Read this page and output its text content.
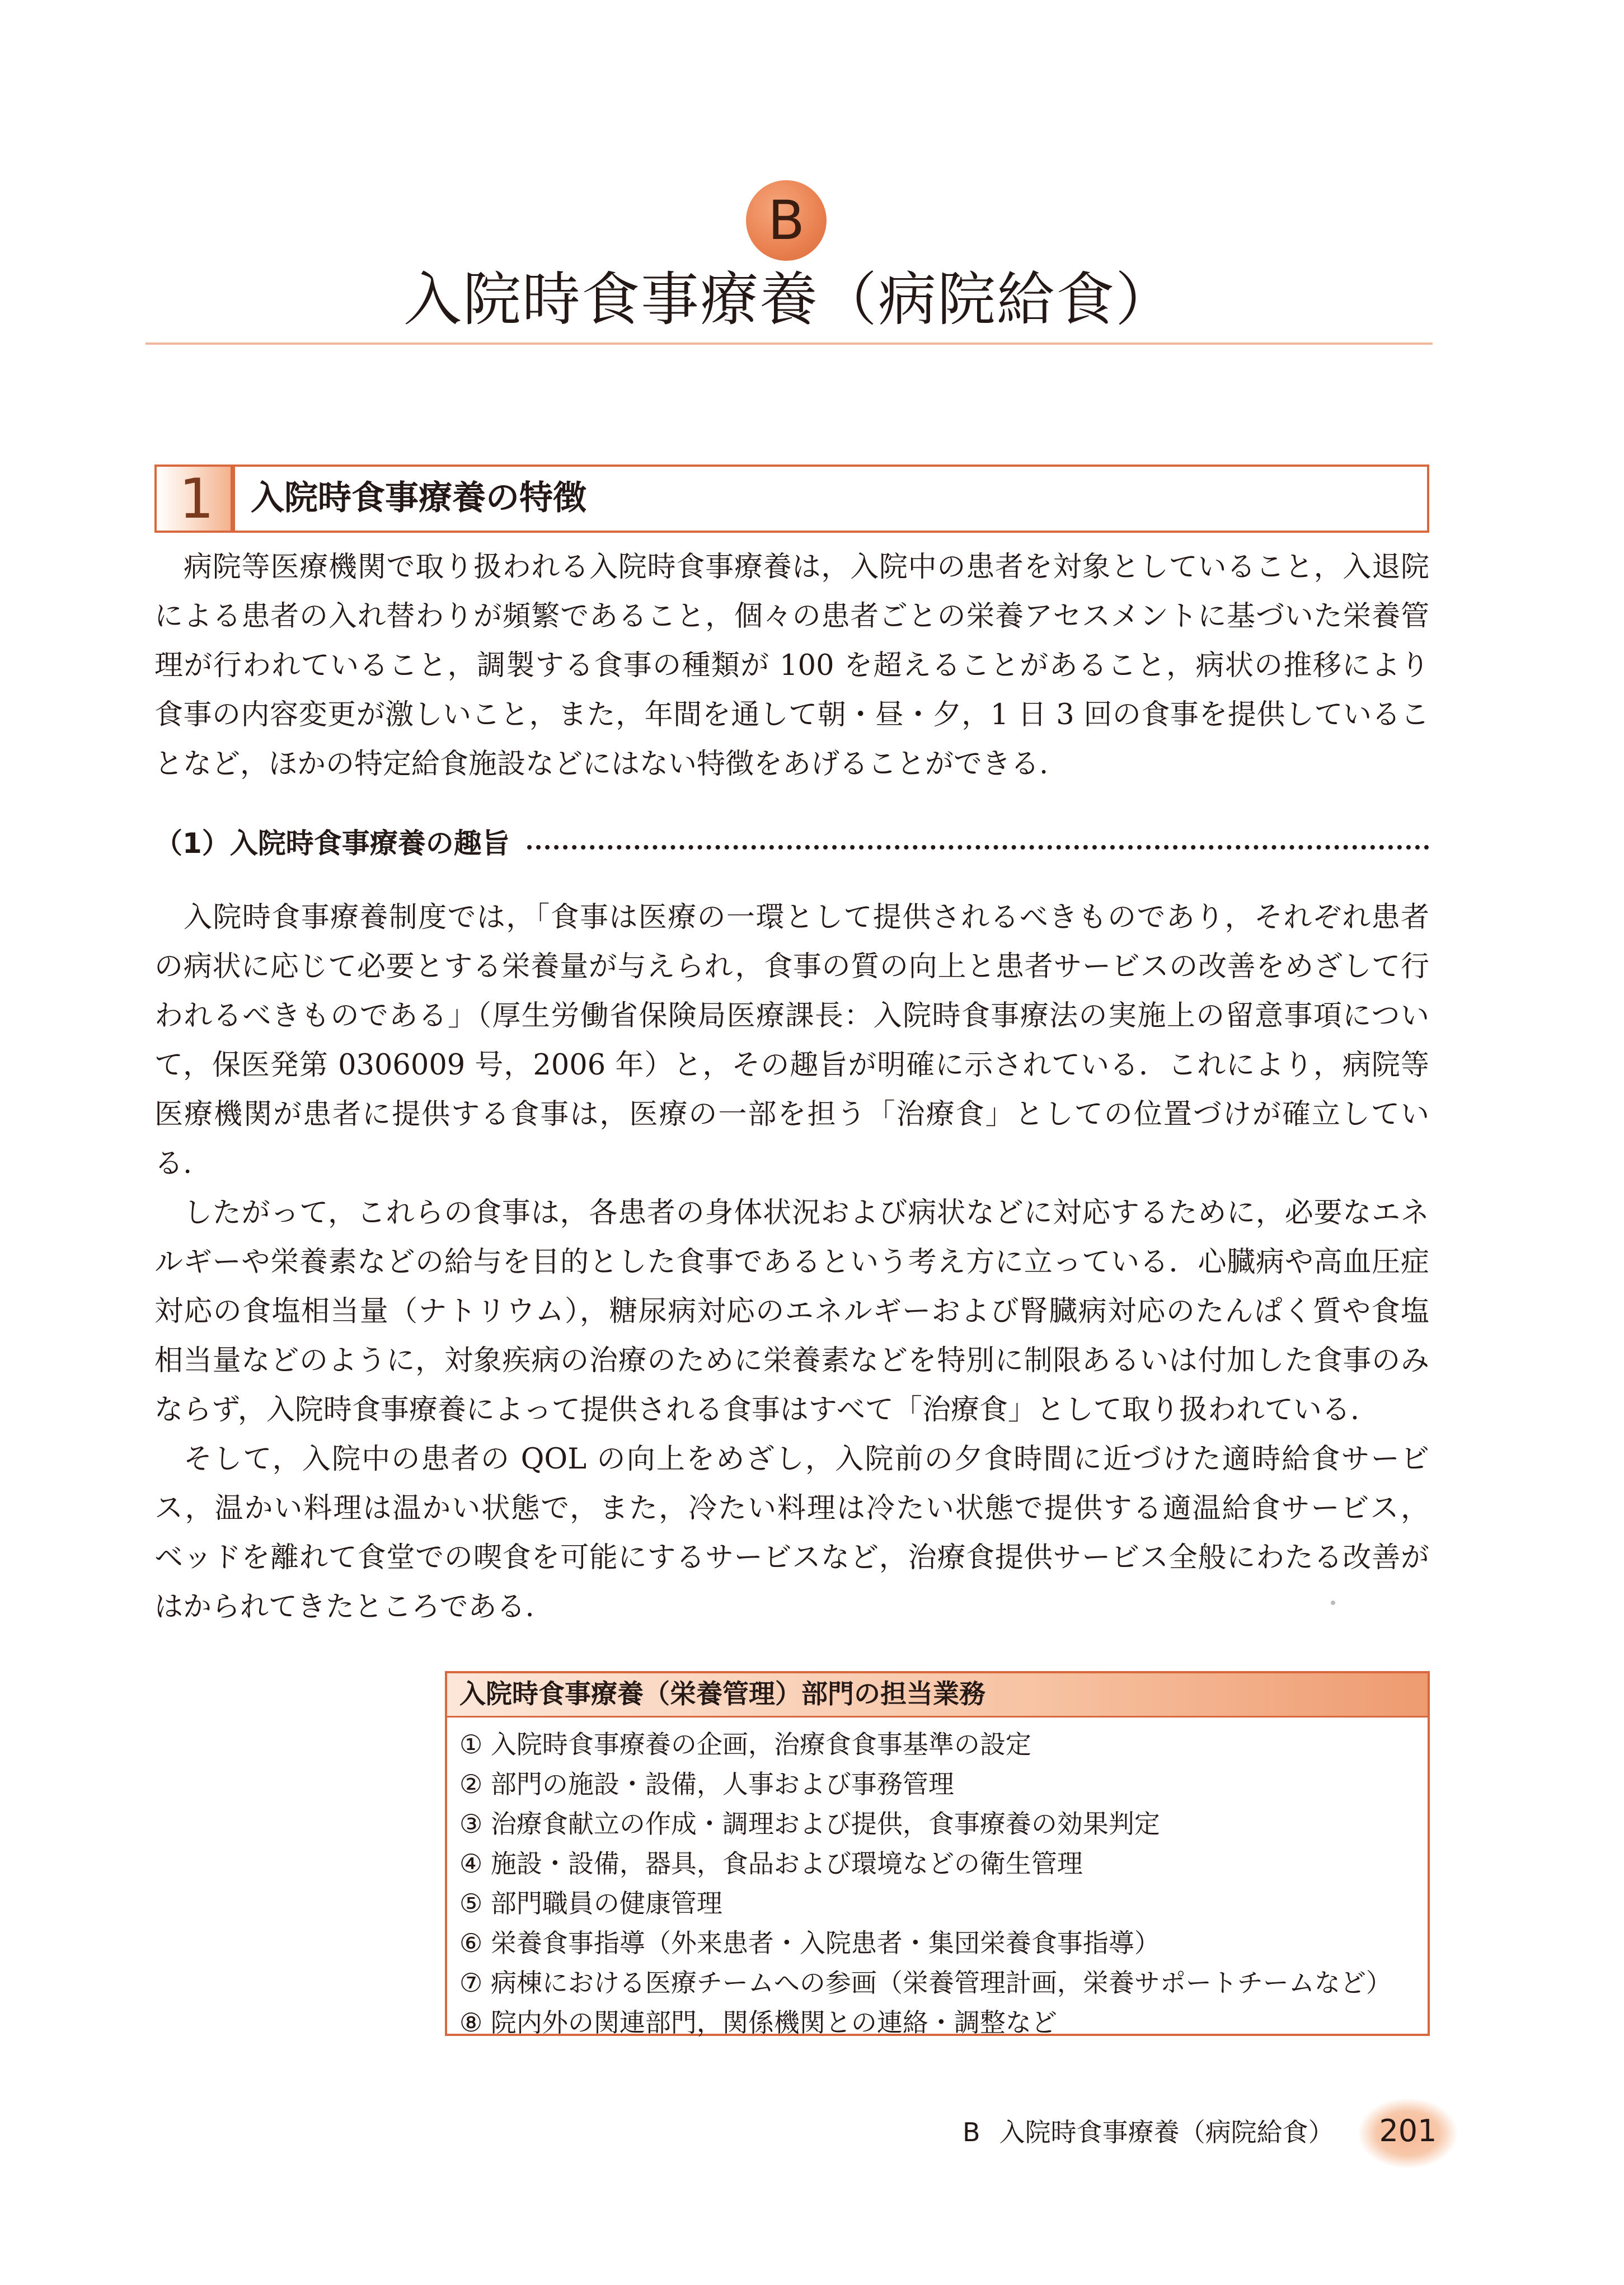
B
入院時食事療養（病院給食）
1 入院時食事療養の特徴
病院等医療機関で取り扱われる入院時食事療養は，入院中の患者を対象としていること，入退院
による患者の入れ替わりが頻繁であること，個々の患者ごとの栄養アセスメントに基づいた栄養管
理が行われていること，調製する食事の種類が 100 を超えることがあること，病状の推移により
食事の内容変更が激しいこと，また，年間を通して朝・昼・夕，1 日 3 回の食事を提供しているこ
となど，ほかの特定給食施設などにはない特徴をあげることができる.
（1）入院時食事療養の趣旨
入院時食事療養制度では，「食事は医療の一環として提供されるべきものであり，それぞれ患者
の病状に応じて必要とする栄養量が与えられ，食事の質の向上と患者サービスの改善をめざして行
われるべきものである」（厚生労働省保険局医療課長：入院時食事療法の実施上の留意事項につい
て，保医発第 0306009 号，2006 年）と，その趣旨が明確に示されている．これにより，病院等
医療機関が患者に提供する食事は，医療の一部を担う「治療食」としての位置づけが確立してい
る.
したがって，これらの食事は，各患者の身体状況および病状などに対応するために，必要なエネ
ルギーや栄養素などの給与を目的とした食事であるという考え方に立っている．心臓病や高血圧症
対応の食塩相当量（ナトリウム），糖尿病対応のエネルギーおよび腎臓病対応のたんぱく質や食塩
相当量などのように，対象疾病の治療のために栄養素などを特別に制限あるいは付加した食事のみ
ならず，入院時食事療養によって提供される食事はすべて「治療食」として取り扱われている.
そして，入院中の患者の QOL の向上をめざし，入院前の夕食時間に近づけた適時給食サービ
ス，温かい料理は温かい状態で，また，冷たい料理は冷たい状態で提供する適温給食サービス，
ベッドを離れて食堂での喫食を可能にするサービスなど，治療食提供サービス全般にわたる改善が
はかられてきたところである.
入院時食事療養（栄養管理）部門の担当業務
① 入院時食事療養の企画，治療食食事基準の設定
② 部門の施設・設備，人事および事務管理
③ 治療食献立の作成・調理および提供，食事療養の効果判定
④ 施設・設備，器具，食品および環境などの衛生管理
⑤ 部門職員の健康管理
⑥ 栄養食事指導（外来患者・入院患者・集団栄養食事指導）
⑦ 病棟における医療チームへの参画（栄養管理計画，栄養サポートチームなど）
⑧ 院内外の関連部門，関係機関との連絡・調整など
B 入院時食事療養（病院給食）	201
